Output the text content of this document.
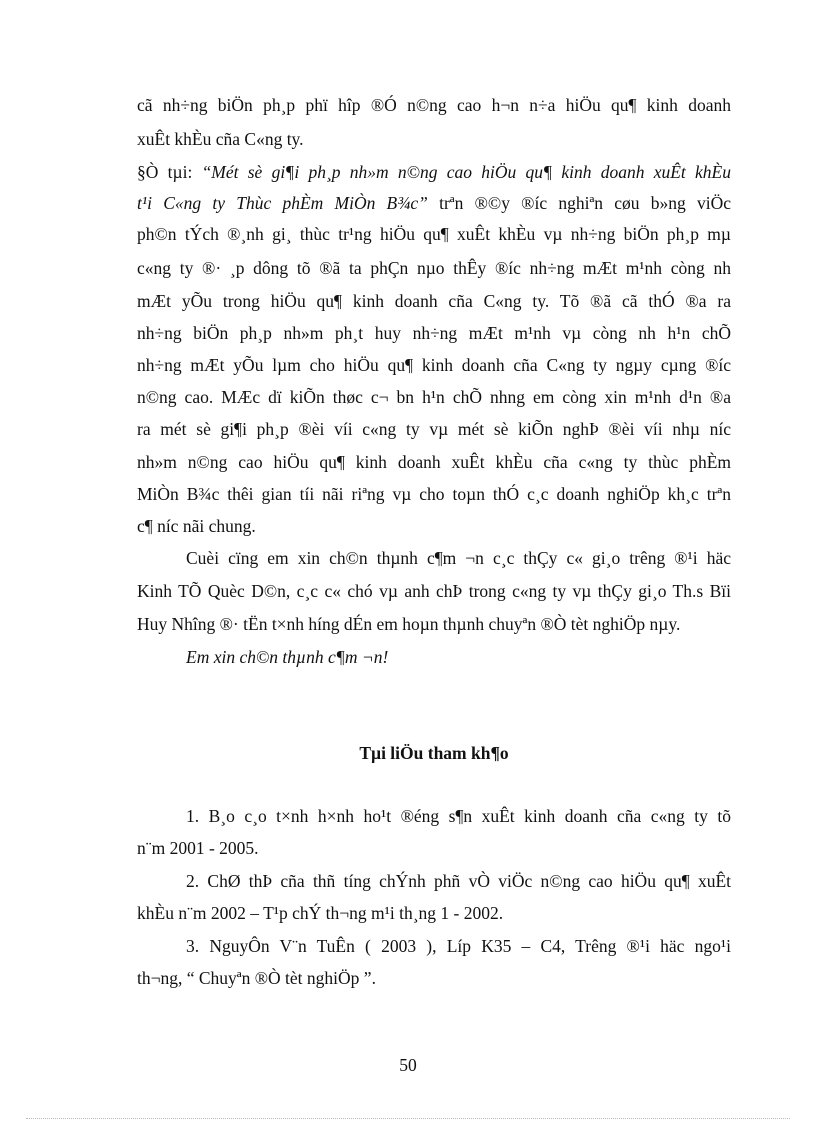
cã nh÷ng biÖn ph¸p phï hîp ®Ó n©ng cao h¬n n÷a hiÖu qu¶ kinh doanh
xuÊt khÈu cña C«ng ty.
§Ò tµi: “Mét sè gi¶i ph¸p nh»m n©ng cao hiÖu qu¶ kinh doanh xuÊt khÈu
t¹i C«ng ty Thùc phÈm MiÒn B¾c” trªn ®©y ®íc nghiªn cøu b»ng viÖc
ph©n tÝch ®¸nh gi¸ thùc tr¹ng hiÖu qu¶ xuÊt khÈu vµ nh÷ng biÖn ph¸p mµ
c«ng ty ®· ¸p dông tõ ®ã ta phÇn nµo thÊy ®íc nh÷ng mÆt m¹nh còng nh
mÆt yÕu trong hiÖu qu¶ kinh doanh cña C«ng ty. Tõ ®ã cã thÓ ®a ra
nh÷ng biÖn ph¸p nh»m ph¸t huy nh÷ng mÆt m¹nh vµ còng nh h¹n chÕ
nh÷ng mÆt yÕu lµm cho hiÖu qu¶ kinh doanh cña C«ng ty ngµy cµng ®íc
n©ng cao. MÆc dï kiÕn thøc c¬ bn h¹n chÕ nhng em còng xin m¹nh d¹n ®a
ra mét sè gi¶i ph¸p ®èi víi c«ng ty vµ mét sè kiÕn nghÞ ®èi víi nhµ níc
nh»m n©ng cao hiÖu qu¶ kinh doanh xuÊt khÈu cña c«ng ty thùc phÈm
MiÒn B¾c thêi gian tíi nãi riªng vµ cho toµn thÓ c¸c doanh nghiÖp kh¸c trªn
c¶ níc nãi chung.
Cuèi cïng em xin ch©n thµnh c¶m ¬n c¸c thÇy c« gi¸o trêng ®¹i häc
Kinh TÕ Quèc D©n, c¸c c« chó vµ anh chÞ trong c«ng ty vµ thÇy gi¸o Th.s Bïi
Huy Nhîng ®· tËn t×nh híng dÉn em hoµn thµnh chuyªn ®Ò tèt nghiÖp nµy.
Em xin ch©n thµnh c¶m ¬n!
Tµi liÖu tham kh¶o
1. B¸o c¸o t×nh h×nh ho¹t ®éng s¶n xuÊt kinh doanh cña c«ng ty tõ
n¨m 2001 - 2005.
2. ChØ thÞ cña thñ tíng chÝnh phñ vÒ viÖc n©ng cao hiÖu qu¶ xuÊt
khÈu n¨m 2002 – T¹p chÝ th¬ng m¹i th¸ng 1 - 2002.
3. NguyÔn V¨n TuÊn ( 2003 ), Líp K35 – C4, Trêng ®¹i häc ngo¹i
th¬ng, “ Chuyªn ®Ò tèt nghiÖp ”.
50
